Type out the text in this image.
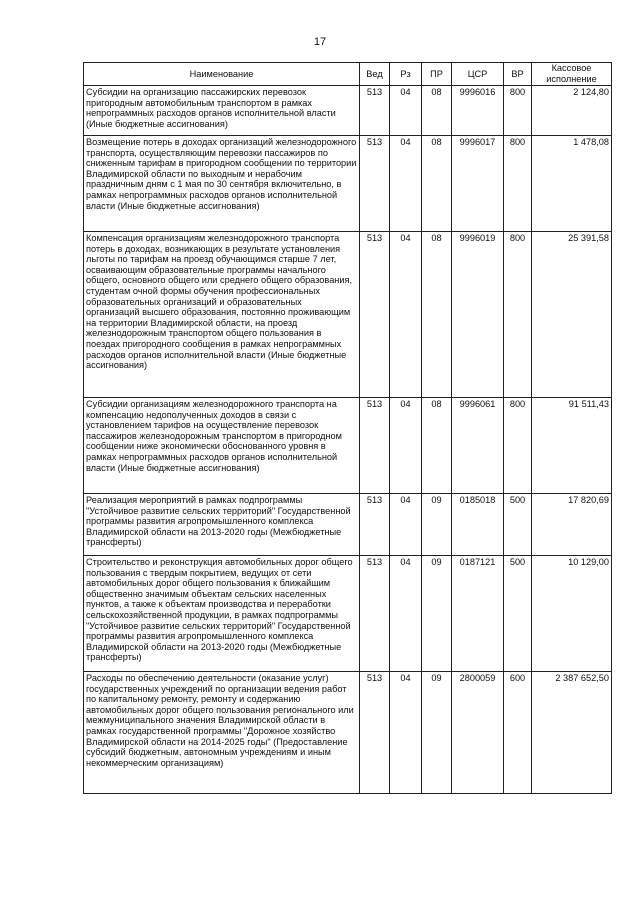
17
Наименование	Вед	Рз	ПР	ЦСР	ВР	Кассовое исполнение
Субсидии на организацию пассажирских перевозок пригородным автомобильным транспортом в рамках непрограммных расходов органов исполнительной власти (Иные бюджетные ассигнования)	513	04	08	9996016	800	2 124,80
Возмещение потерь в доходах организаций железнодорожного транспорта, осуществляющим перевозки пассажиров по сниженным тарифам в пригородном сообщении по территории Владимирской области по выходным и нерабочим праздничным дням с 1 мая по 30 сентября включительно, в рамках непрограммных расходов органов исполнительной власти (Иные бюджетные ассигнования)	513	04	08	9996017	800	1 478,08
Компенсация организациям железнодорожного транспорта потерь в доходах, возникающих в результате установления льготы по тарифам на проезд обучающимся старше 7 лет, осваивающим образовательные программы начального общего, основного общего или среднего общего образования, студентам очной формы обучения профессиональных образовательных организаций и образовательных организаций высшего образования, постоянно проживающим на территории Владимирской области, на проезд железнодорожным транспортом общего пользования в поездах пригородного сообщения в рамках непрограммных расходов органов исполнительной власти (Иные бюджетные ассигнования)	513	04	08	9996019	800	25 391,58
Субсидии организациям железнодорожного транспорта на компенсацию недополученных доходов в связи с установлением тарифов на осуществление перевозок пассажиров железнодорожным транспортом в пригородном сообщении ниже экономически обоснованного уровня в рамках непрограммных расходов органов исполнительной власти (Иные бюджетные ассигнования)	513	04	08	9996061	800	91 511,43
Реализация мероприятий в рамках подпрограммы "Устойчивое развитие сельских территорий" Государственной программы развития агропромышленного комплекса Владимирской области на 2013-2020 годы (Межбюджетные трансферты)	513	04	09	0185018	500	17 820,69
Строительство и реконструкция автомобильных дорог общего пользования с твердым покрытием, ведущих от сети автомобильных дорог общего пользования к ближайшим общественно значимым объектам сельских населенных пунктов, а также к объектам производства и переработки сельскохозяйственной продукции, в рамках подпрограммы "Устойчивое развитие сельских территорий" Государственной программы развития агропромышленного комплекса Владимирской области на 2013-2020 годы (Межбюджетные трансферты)	513	04	09	0187121	500	10 129,00
Расходы по обеспечению деятельности (оказание услуг) государственных учреждений по организации ведения работ по капитальному ремонту, ремонту и содержанию автомобильных дорог общего пользования регионального или межмуниципального значения Владимирской области в рамках государственной программы "Дорожное хозяйство Владимирской области на 2014-2025 годы" (Предоставление субсидий бюджетным, автономным учреждениям и иным некоммерческим организациям)	513	04	09	2800059	600	2 387 652,50
